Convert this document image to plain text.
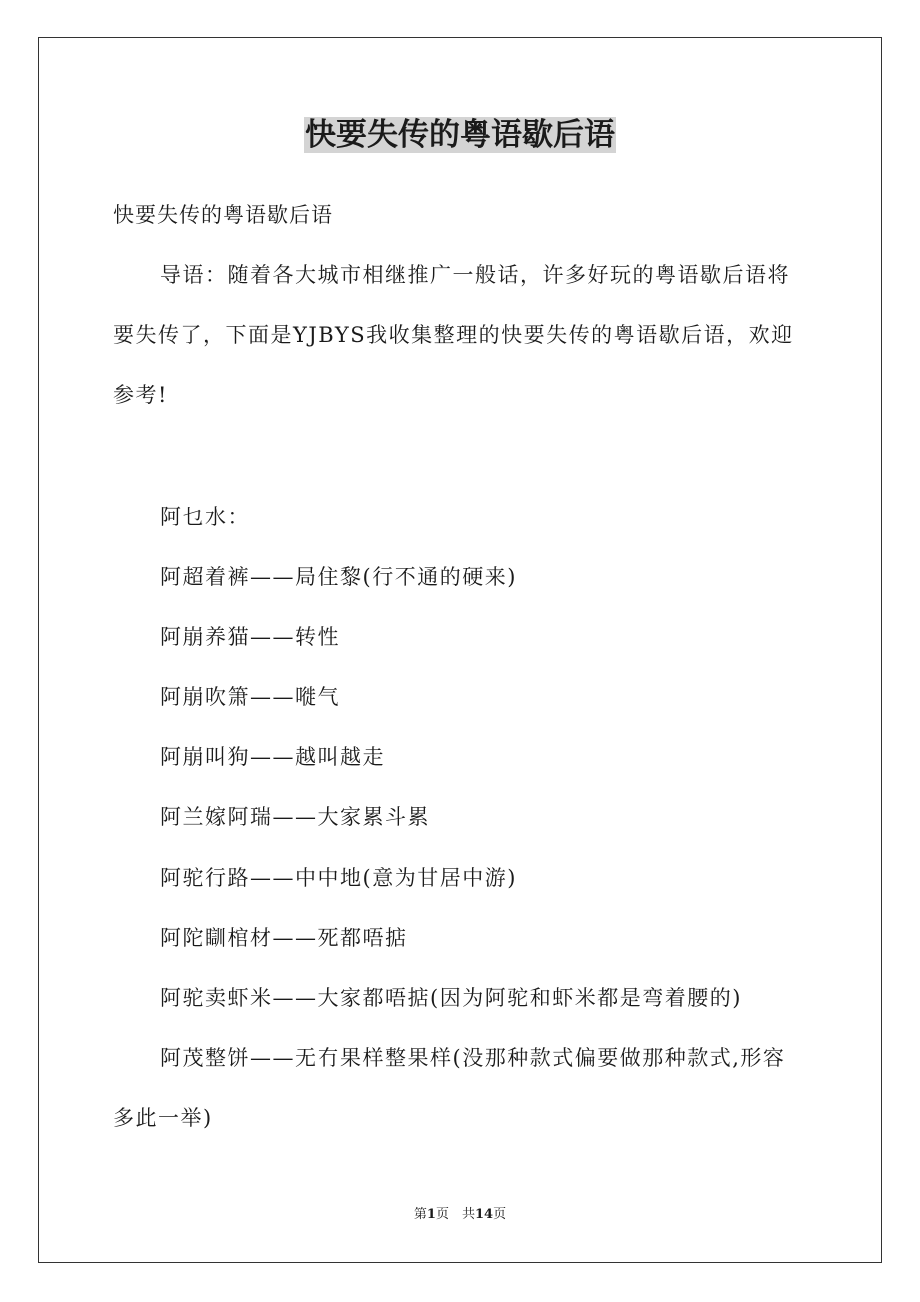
快要失传的粤语歇后语
快要失传的粤语歇后语
导语：随着各大城市相继推广一般话，许多好玩的粤语歇后语将
要失传了，下面是YJBYS我收集整理的快要失传的粤语歇后语，欢迎
参考!
阿乜水：
阿超着裤——局住黎(行不通的硬来)
阿崩养猫——转性
阿崩吹箫——嘥气
阿崩叫狗——越叫越走
阿兰嫁阿瑞——大家累斗累
阿驼行路——中中地(意为甘居中游)
阿陀瞓棺材——死都唔掂
阿驼卖虾米——大家都唔掂(因为阿驼和虾米都是弯着腰的)
阿茂整饼——无冇果样整果样(没那种款式偏要做那种款式,形容
多此一举)
第1页　共14页
